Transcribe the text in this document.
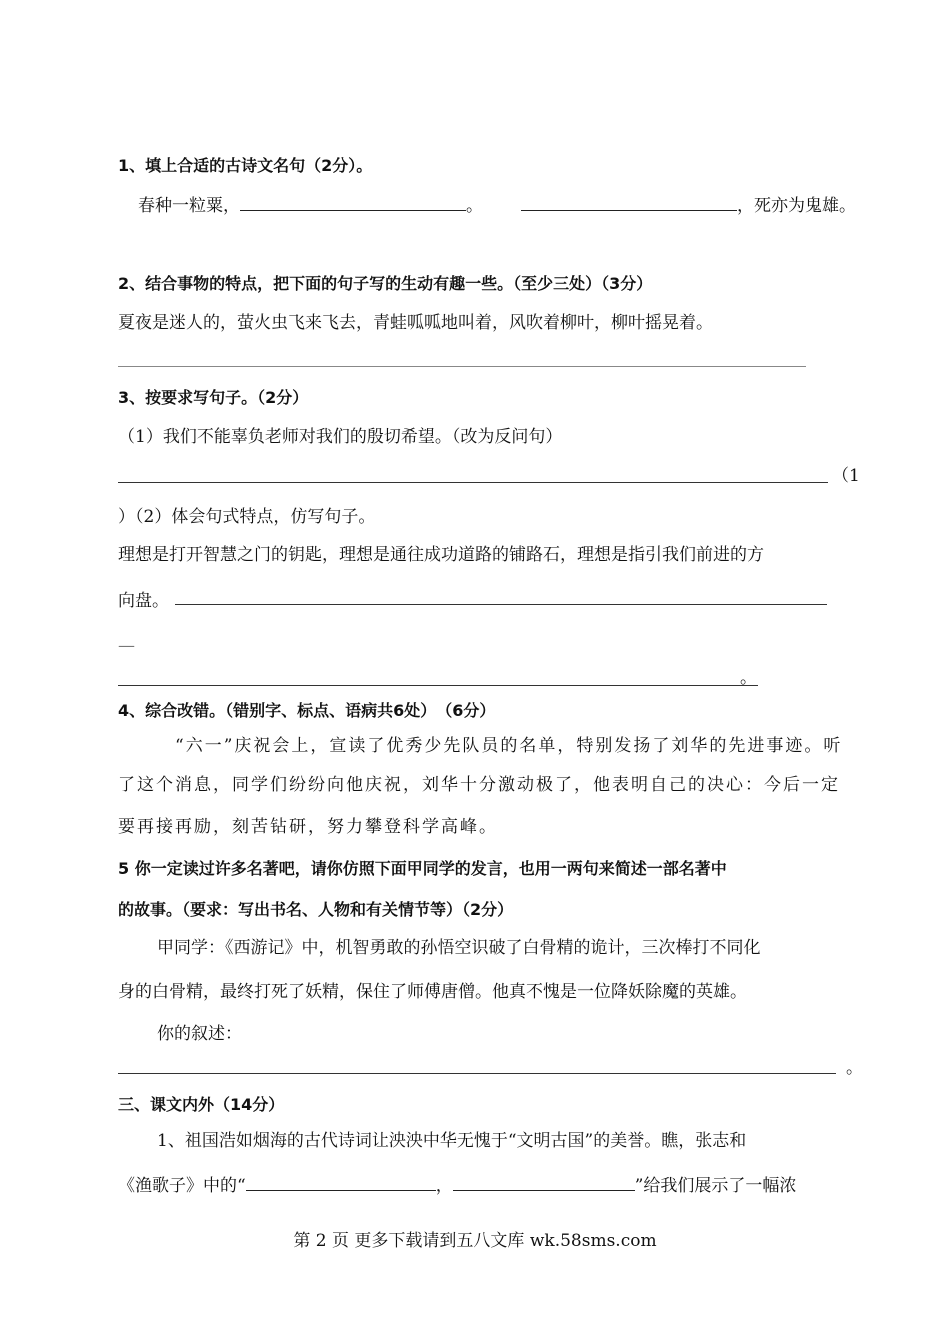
1、填上合适的古诗文名句（2分）。
春种一粒粟，	。	，死亦为鬼雄。
2、结合事物的特点，把下面的句子写的生动有趣一些。（至少三处）（3分）
夏夜是迷人的，萤火虫飞来飞去，青蛙呱呱地叫着，风吹着柳叶，柳叶摇晃着。
3、按要求写句子。（2分）
（1）我们不能辜负老师对我们的殷切希望。（改为反问句）
（1
）（2）体会句式特点，仿写句子。
理想是打开智慧之门的钥匙，理想是通往成功道路的铺路石，理想是指引我们前进的方
向盘。
—
。
4、综合改错。（错别字、标点、语病共6处）　（6分）
“六一”庆祝会上，宣读了优秀少先队员的名单，特别发扬了刘华的先进事迹。听
了这个消息，同学们纷纷向他庆祝，刘华十分激动极了，他表明自己的决心：今后一定
要再接再励，刻苦钻研，努力攀登科学高峰。
5 你一定读过许多名著吧，请你仿照下面甲同学的发言，也用一两句来简述一部名著中
的故事。（要求：写出书名、人物和有关情节等）（2分）
甲同学：《西游记》中，机智勇敢的孙悟空识破了白骨精的诡计，三次棒打不同化
身的白骨精，最终打死了妖精，保住了师傅唐僧。他真不愧是一位降妖除魔的英雄。
你的叙述：
。
三、课文内外（14分）
1、祖国浩如烟海的古代诗词让泱泱中华无愧于“文明古国”的美誉。瞧，张志和
《渔歌子》中的“	，	”给我们展示了一幅浓
第 2 页 更多下载请到五八文库 wk.58sms.com
